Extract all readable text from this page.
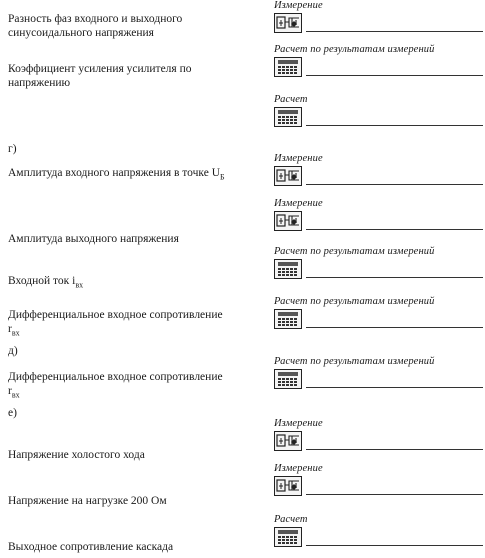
Разность фаз входного и выходного синусоидального напряжения
Коэффициент усиления усилителя по напряжению
г)
Амплитуда входного напряжения в точке $U_Б$
Амплитуда выходного напряжения
Входной ток $i_{вх}$
Дифференциальное входное сопротивление $r_{вх}$
д)
Дифференциальное входное сопротивление $r_{вх}$
е)
Напряжение холостого хода
Напряжение на нагрузке 200 Ом
Выходное сопротивление каскада
Измерение
Расчет по результатам измерений
Расчет
Измерение
Измерение
Расчет по результатам измерений
Расчет по результатам измерений
Расчет по результатам измерений
Измерение
Измерение
Расчет
